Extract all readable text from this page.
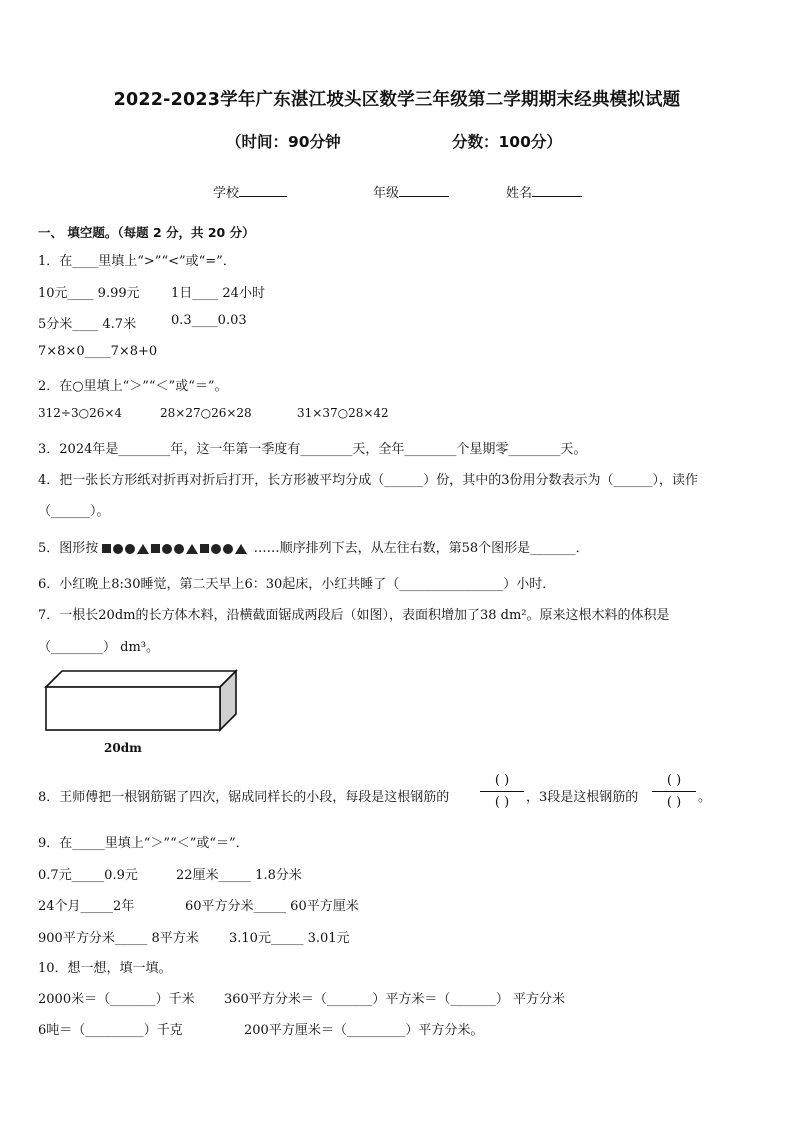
2022-2023学年广东湛江坡头区数学三年级第二学期期末经典模拟试题
（时间：90分钟	分数：100分）
学校	年级	姓名
一、 填空题。（每题 2 分，共 20 分）
1．在____里填上“>”“<”或“=”．
10元____ 9.99元 1日____ 24小时
5分米____ 4.7米	0.3____0.03
7×8×0____7×8+0
2．在○里填上“＞”“＜”或“＝”。
312÷3○26×4	28×27○26×28	31×37○28×42
3．2024年是________年，这一年第一季度有________天，全年________个星期零________天。
4．把一张长方形纸对折再对折后打开，长方形被平均分成（______）份，其中的3份用分数表示为（______），读作
（______）。
5．图形按	……顺序排列下去，从左往右数，第58个图形是_______．
6．小红晚上8:30睡觉，第二天早上6：30起床，小红共睡了（________________）小时．
7．一根长20dm的长方体木料，沿横截面锯成两段后（如图），表面积增加了38 dm²。原来这根木料的体积是
（________） dm³。
20dm
8．王师傅把一根钢筋锯了四次，锯成同样长的小段，每段是这根钢筋的
( )
( )	，3段是这根钢筋的
( )
( )	。
9．在_____里填上“＞”“＜”或“＝”．
0.7元_____0.9元	22厘米_____ 1.8分米
24个月_____2年	60平方分米_____ 60平方厘米
900平方分米_____ 8平方米 3.10元_____ 3.01元
10．想一想，填一填。
2000米＝（_______）千米 360平方分米＝（_______）平方米＝（_______） 平方分米
6吨＝（_________）千克	200平方厘米＝（_________）平方分米。
